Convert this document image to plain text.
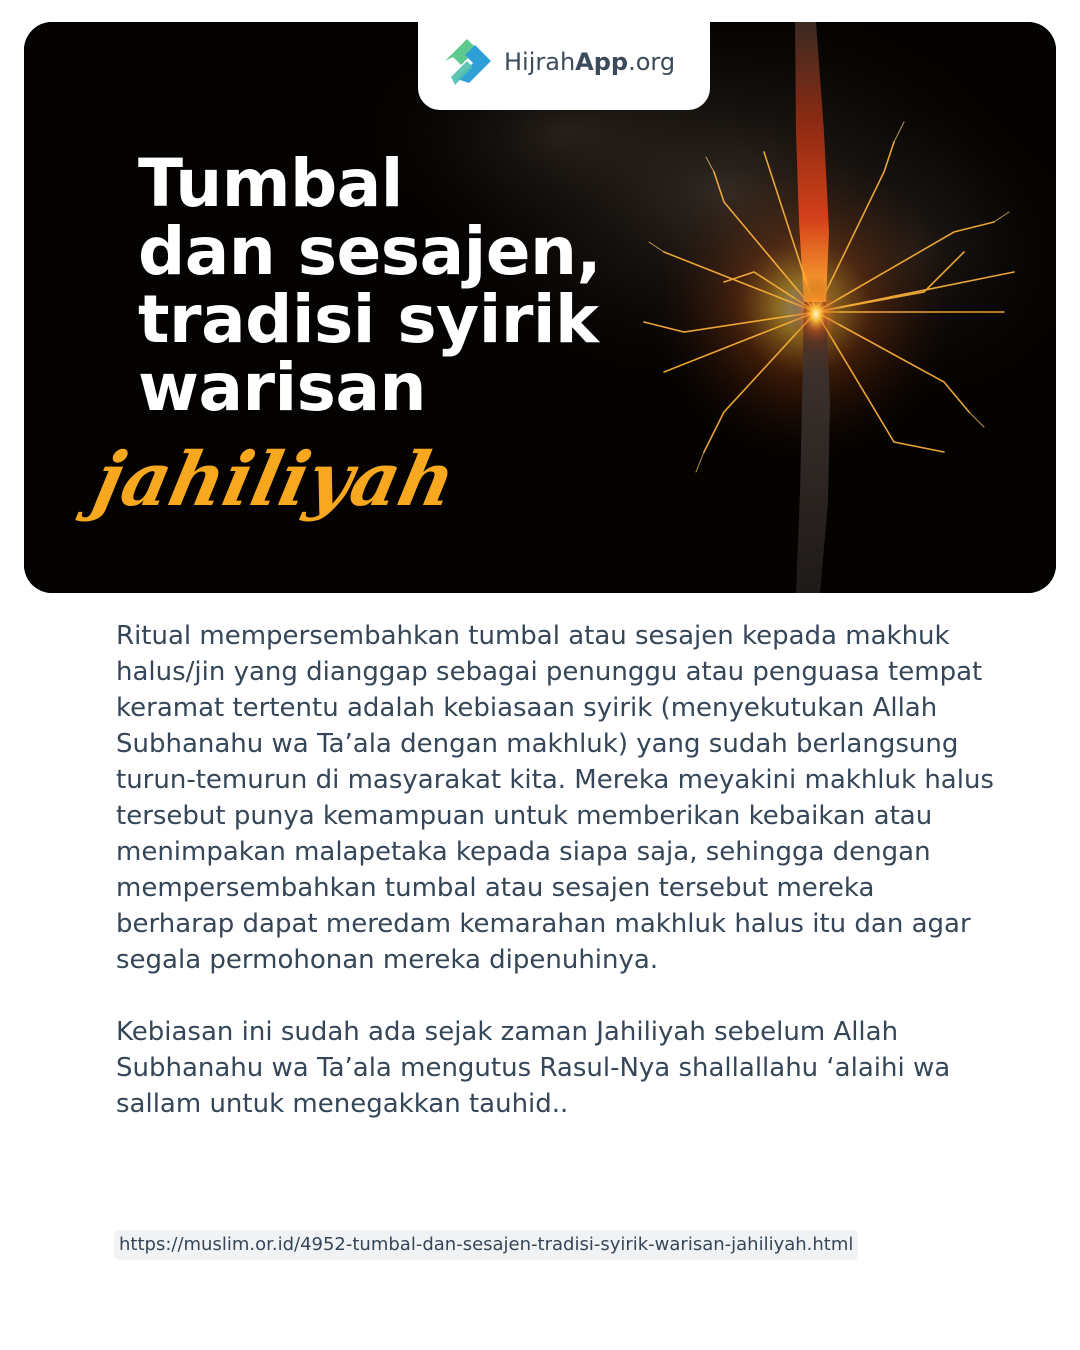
HijrahApp.org
Tumbal
dan sesajen,
tradisi syirik
warisan
jahiliyah

Ritual mempersembahkan tumbal atau sesajen kepada makhuk halus/jin yang dianggap sebagai penunggu atau penguasa tempat keramat tertentu adalah kebiasaan syirik (menyekutukan Allah Subhanahu wa Ta’ala dengan makhluk) yang sudah berlangsung turun-temurun di masyarakat kita. Mereka meyakini makhluk halus tersebut punya kemampuan untuk memberikan kebaikan atau menimpakan malapetaka kepada siapa saja, sehingga dengan mempersembahkan tumbal atau sesajen tersebut mereka berharap dapat meredam kemarahan makhluk halus itu dan agar segala permohonan mereka dipenuhinya.

Kebiasan ini sudah ada sejak zaman Jahiliyah sebelum Allah Subhanahu wa Ta’ala mengutus Rasul-Nya shallallahu ‘alaihi wa sallam untuk menegakkan tauhid..

https://muslim.or.id/4952-tumbal-dan-sesajen-tradisi-syirik-warisan-jahiliyah.html
